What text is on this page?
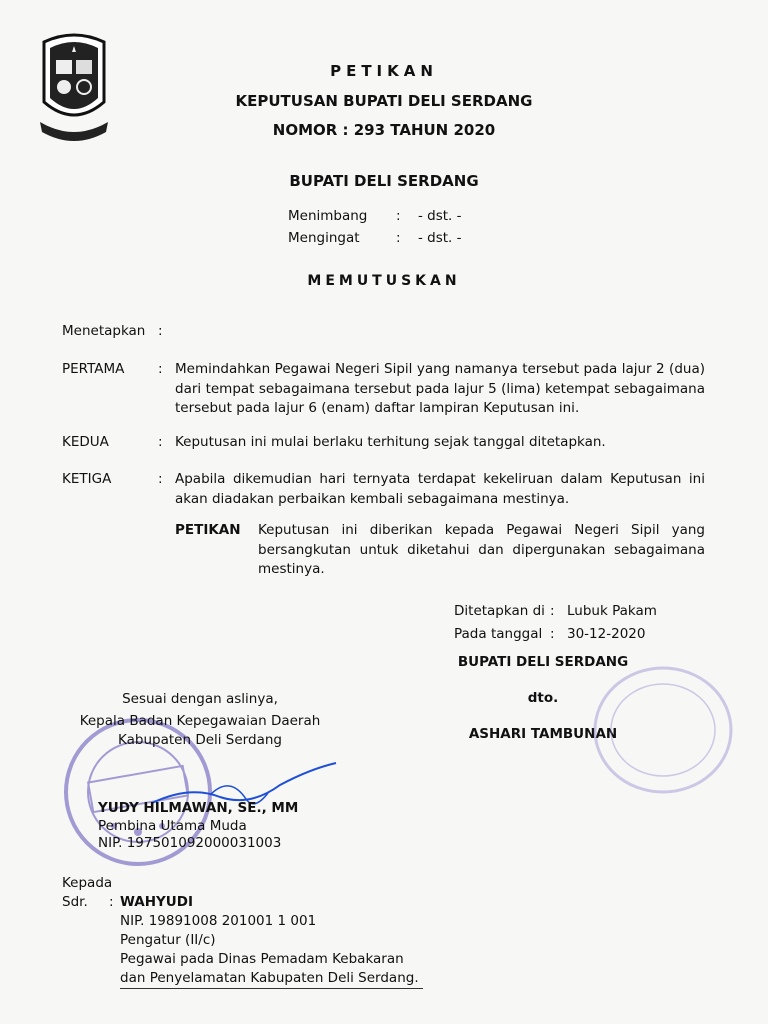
PETIKAN
KEPUTUSAN BUPATI DELI SERDANG
NOMOR : 293 TAHUN 2020
BUPATI DELI SERDANG
Menimbang : - dst. -
Mengingat	: - dst. -
MEMUTUSKAN
Menetapkan :
PERTAMA : Memindahkan Pegawai Negeri Sipil yang namanya tersebut pada lajur 2 (dua) dari tempat sebagaimana tersebut pada lajur 5 (lima) ketempat sebagaimana tersebut pada lajur 6 (enam) daftar lampiran Keputusan ini.
KEDUA	: Keputusan ini mulai berlaku terhitung sejak tanggal ditetapkan.
KETIGA	: Apabila dikemudian hari ternyata terdapat kekeliruan dalam Keputusan ini akan diadakan perbaikan kembali sebagaimana mestinya.
PETIKAN Keputusan ini diberikan kepada Pegawai Negeri Sipil yang bersangkutan untuk diketahui dan dipergunakan sebagaimana mestinya.
Ditetapkan di : Lubuk Pakam
Pada tanggal : 30-12-2020
BUPATI DELI SERDANG
dto.
ASHARI TAMBUNAN
Sesuai dengan aslinya,
Kepala Badan Kepegawaian Daerah
Kabupaten Deli Serdang
YUDY HILMAWAN, SE., MM
Pembina Utama Muda
NIP. 197501092000031003
Kepada
Sdr. : WAHYUDI
NIP. 19891008 201001 1 001
Pengatur (II/c)
Pegawai pada Dinas Pemadam Kebakaran
dan Penyelamatan Kabupaten Deli Serdang.
